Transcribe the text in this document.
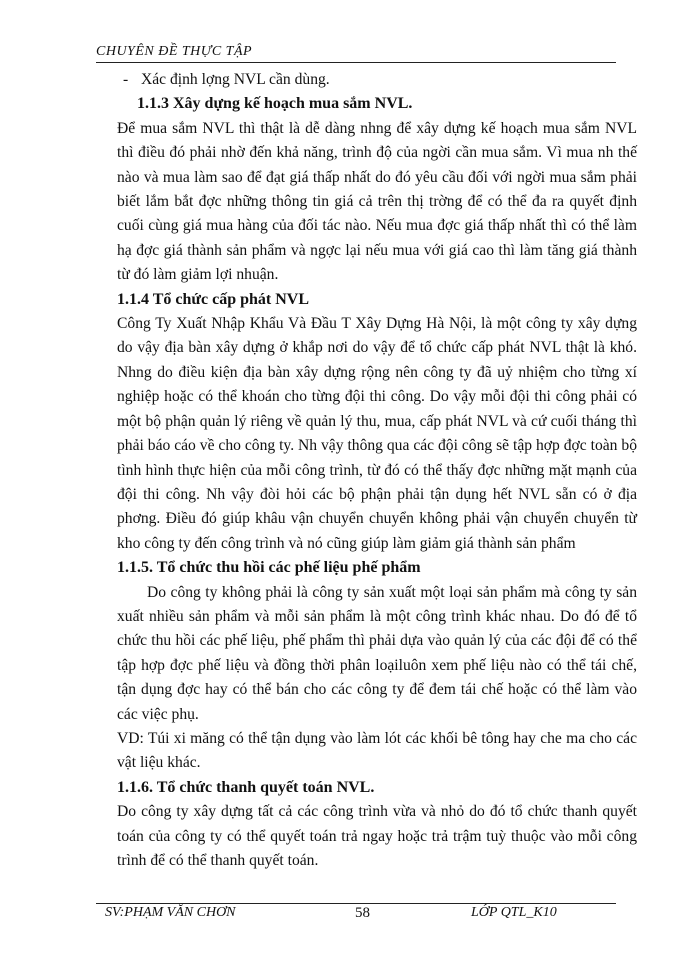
CHUYÊN ĐỀ THỰC TẬP

- Xác định lợng NVL cần dùng.

1.1.3 Xây dựng kế hoạch mua sắm NVL.

Để mua sắm NVL thì thật là dễ dàng nhng để xây dựng kế hoạch mua sắm NVL thì điều đó phải nhờ đến khả năng, trình độ của ngời cần mua sắm. Vì mua nh thế nào và mua làm sao để đạt giá thấp nhất do đó yêu cầu đối với ngời mua sắm phải biết lắm bắt đợc những thông tin giá cả trên thị trờng để có thể đa ra quyết định cuối cùng giá mua hàng của đối tác nào. Nếu mua đợc giá thấp nhất thì có thể làm hạ đợc giá thành sản phẩm và ngợc lại nếu mua với giá cao thì làm tăng giá thành từ đó làm giảm lợi nhuận.

1.1.4 Tổ chức cấp phát NVL

Công Ty Xuất Nhập Khẩu Và Đầu T Xây Dựng Hà Nội, là một công ty xây dựng do vậy địa bàn xây dựng ở khắp nơi do vậy để tổ chức cấp phát NVL thật là khó. Nhng do điều kiện địa bàn xây dựng rộng nên công ty đã uỷ nhiệm cho từng xí nghiệp hoặc có thể khoán cho từng đội thi công. Do vậy mỗi đội thi công phải có một bộ phận quản lý riêng về quản lý thu, mua, cấp phát NVL và cứ cuối tháng thì phải báo cáo về cho công ty. Nh vậy thông qua các đội công sẽ tập hợp đợc toàn bộ tình hình thực hiện của mỗi công trình, từ đó có thể thấy đợc những mặt mạnh của đội thi công. Nh vậy đòi hỏi các bộ phận phải tận dụng hết NVL sẵn có ở địa phơng. Điều đó giúp khâu vận chuyển chuyển không phải vận chuyển chuyển từ kho công ty đến công trình và nó cũng giúp làm giảm giá thành sản phẩm

1.1.5. Tổ chức thu hồi các phế liệu phế phẩm

Do công ty không phải là công ty sản xuất một loại sản phẩm mà công ty sản xuất nhiều sản phẩm và mỗi sản phẩm là một công trình khác nhau. Do đó để tổ chức thu hồi các phế liệu, phế phẩm thì phải dựa vào quản lý của các đội để có thể tập hợp đợc phế liệu và đồng thời phân loạiluôn xem phế liệu nào có thể tái chế, tận dụng đợc hay có thể bán cho các công ty để đem tái chế hoặc có thể làm vào các việc phụ.

VD: Túi xi măng có thể tận dụng vào làm lót các khối bê tông hay che ma cho các vật liệu khác.

1.1.6. Tổ chức thanh quyết toán NVL.

Do công ty xây dựng tất cả các công trình vừa và nhỏ do đó tổ chức thanh quyết toán của công ty có thể quyết toán trả ngay hoặc trả trậm tuỳ thuộc vào mỗi công trình để có thể thanh quyết toán.

SV:PHẠM VĂN CHƠN	58	LỚP QTL_K10
